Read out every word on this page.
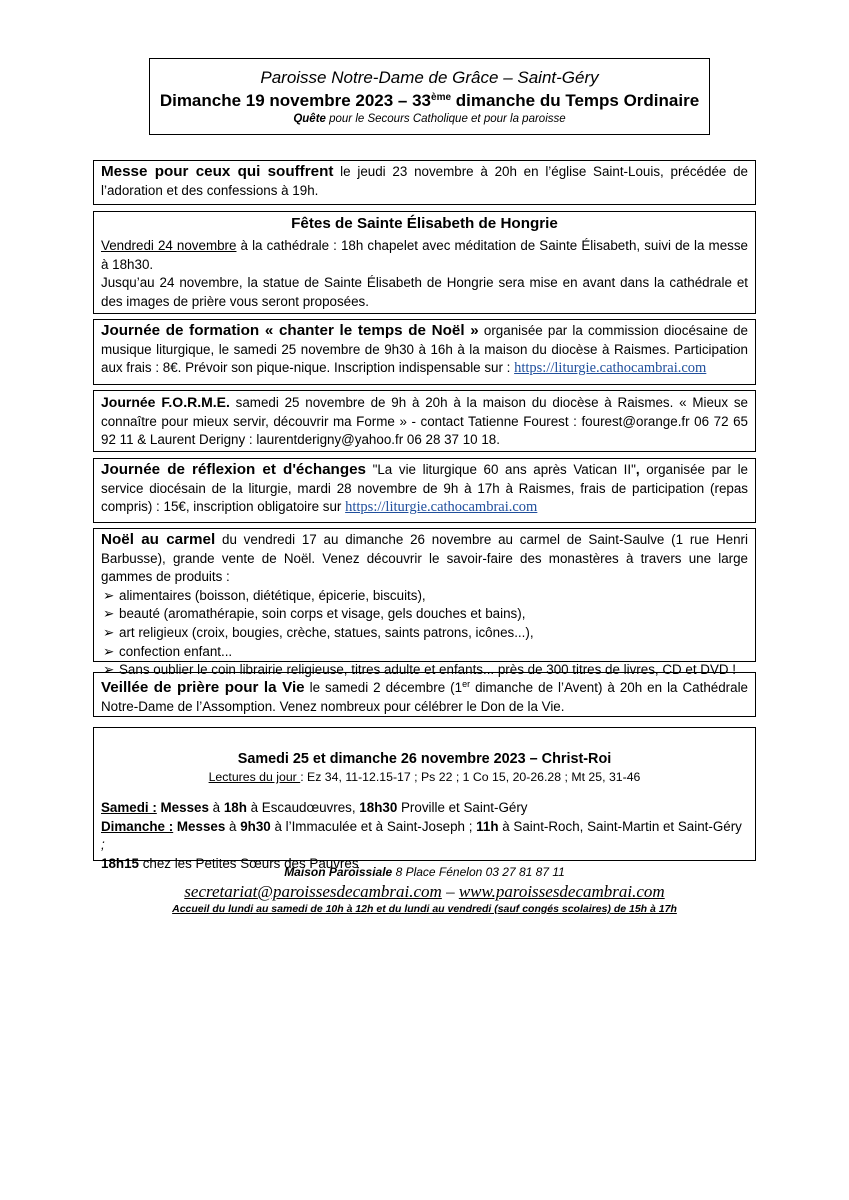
Paroisse Notre-Dame de Grâce – Saint-Géry
Dimanche 19 novembre 2023 – 33ème dimanche du Temps Ordinaire
Quête pour le Secours Catholique et pour la paroisse
Messe pour ceux qui souffrent le jeudi 23 novembre à 20h en l’église Saint-Louis, précédée de l’adoration et des confessions à 19h.
Fêtes de Sainte Élisabeth de Hongrie
Vendredi 24 novembre à la cathédrale : 18h chapelet avec méditation de Sainte Élisabeth, suivi de la messe à 18h30.
Jusqu’au 24 novembre, la statue de Sainte Élisabeth de Hongrie sera mise en avant dans la cathédrale et des images de prière vous seront proposées.
Journée de formation « chanter le temps de Noël » organisée par la commission diocésaine de musique liturgique, le samedi 25 novembre de 9h30 à 16h à la maison du diocèse à Raismes. Participation aux frais : 8€. Prévoir son pique-nique. Inscription indispensable sur : https://liturgie.cathocambrai.com
Journée F.O.R.M.E. samedi 25 novembre de 9h à 20h à la maison du diocèse à Raismes. « Mieux se connaître pour mieux servir, découvrir ma Forme » - contact Tatienne Fourest : fourest@orange.fr 06 72 65 92 11 & Laurent Derigny : laurentderigny@yahoo.fr 06 28 37 10 18.
Journée de réflexion et d'échanges "La vie liturgique 60 ans après Vatican II", organisée par le service diocésain de la liturgie, mardi 28 novembre de 9h à 17h à Raismes, frais de participation (repas compris) : 15€, inscription obligatoire sur https://liturgie.cathocambrai.com
Noël au carmel du vendredi 17 au dimanche 26 novembre au carmel de Saint-Saulve (1 rue Henri Barbusse), grande vente de Noël. Venez découvrir le savoir-faire des monastères à travers une large gammes de produits :
➢ alimentaires (boisson, diététique, épicerie, biscuits),
➢ beauté (aromathérapie, soin corps et visage, gels douches et bains),
➢ art religieux (croix, bougies, crèche, statues, saints patrons, icônes...),
➢ confection enfant...
➢ Sans oublier le coin librairie religieuse, titres adulte et enfants... près de 300 titres de livres, CD et DVD !
Veillée de prière pour la Vie le samedi 2 décembre (1er dimanche de l’Avent) à 20h en la Cathédrale Notre-Dame de l’Assomption. Venez nombreux pour célébrer le Don de la Vie.
Samedi 25 et dimanche 26 novembre 2023 – Christ-Roi
Lectures du jour : Ez 34, 11-12.15-17 ; Ps 22 ; 1 Co 15, 20-26.28 ; Mt 25, 31-46
Samedi : Messes à 18h à Escaudœuvres, 18h30 Proville et Saint-Géry
Dimanche : Messes à 9h30 à l’Immaculée et à Saint-Joseph ; 11h à Saint-Roch, Saint-Martin et Saint-Géry ;
18h15 chez les Petites Sœurs des Pauvres
Maison Paroissiale 8 Place Fénelon 03 27 81 87 11
secretariat@paroissesdecambrai.com – www.paroissesdecambrai.com
Accueil du lundi au samedi de 10h à 12h et du lundi au vendredi (sauf congés scolaires) de 15h à 17h
